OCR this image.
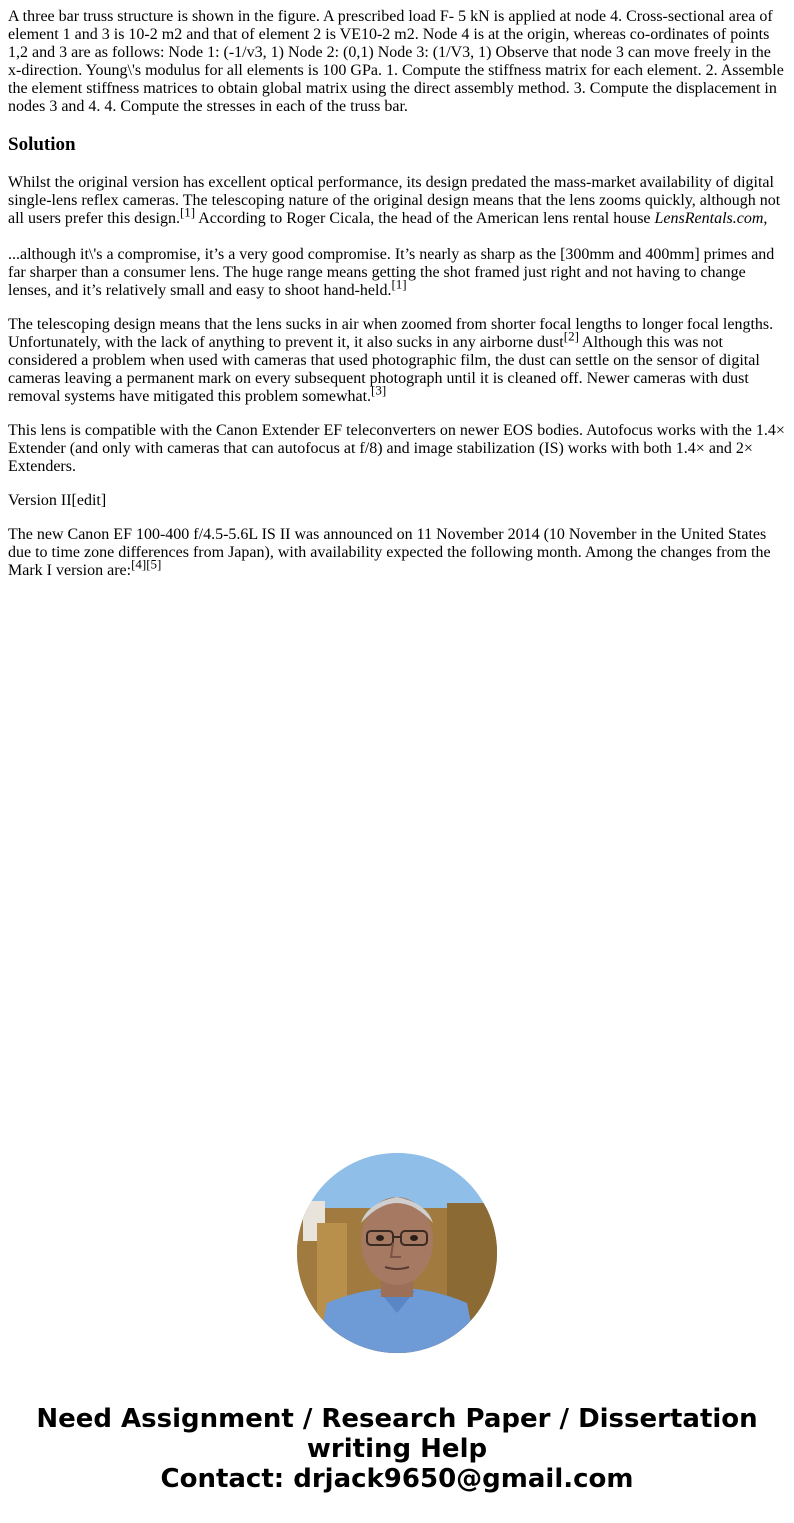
A three bar truss structure is shown in the figure. A prescribed load F- 5 kN is applied at node 4. Cross-sectional area of element 1 and 3 is 10-2 m2 and that of element 2 is VE10-2 m2. Node 4 is at the origin, whereas co-ordinates of points 1,2 and 3 are as follows: Node 1: (-1/v3, 1) Node 2: (0,1) Node 3: (1/V3, 1) Observe that node 3 can move freely in the x-direction. Young\'s modulus for all elements is 100 GPa. 1. Compute the stiffness matrix for each element. 2. Assemble the element stiffness matrices to obtain global matrix using the direct assembly method. 3. Compute the displacement in nodes 3 and 4. 4. Compute the stresses in each of the truss bar.

Solution

Whilst the original version has excellent optical performance, its design predated the mass-market availability of digital single-lens reflex cameras. The telescoping nature of the original design means that the lens zooms quickly, although not all users prefer this design.[1] According to Roger Cicala, the head of the American lens rental house LensRentals.com,

...although it\'s a compromise, it’s a very good compromise. It’s nearly as sharp as the [300mm and 400mm] primes and far sharper than a consumer lens. The huge range means getting the shot framed just right and not having to change lenses, and it’s relatively small and easy to shoot hand-held.[1]

The telescoping design means that the lens sucks in air when zoomed from shorter focal lengths to longer focal lengths. Unfortunately, with the lack of anything to prevent it, it also sucks in any airborne dust[2] Although this was not considered a problem when used with cameras that used photographic film, the dust can settle on the sensor of digital cameras leaving a permanent mark on every subsequent photograph until it is cleaned off. Newer cameras with dust removal systems have mitigated this problem somewhat.[3]

This lens is compatible with the Canon Extender EF teleconverters on newer EOS bodies. Autofocus works with the 1.4× Extender (and only with cameras that can autofocus at f/8) and image stabilization (IS) works with both 1.4× and 2× Extenders.

Version II[edit]

The new Canon EF 100-400 f/4.5-5.6L IS II was announced on 11 November 2014 (10 November in the United States due to time zone differences from Japan), with availability expected the following month. Among the changes from the Mark I version are:[4][5]

Need Assignment / Research Paper / Dissertation
writing Help
Contact: drjack9650@gmail.com
